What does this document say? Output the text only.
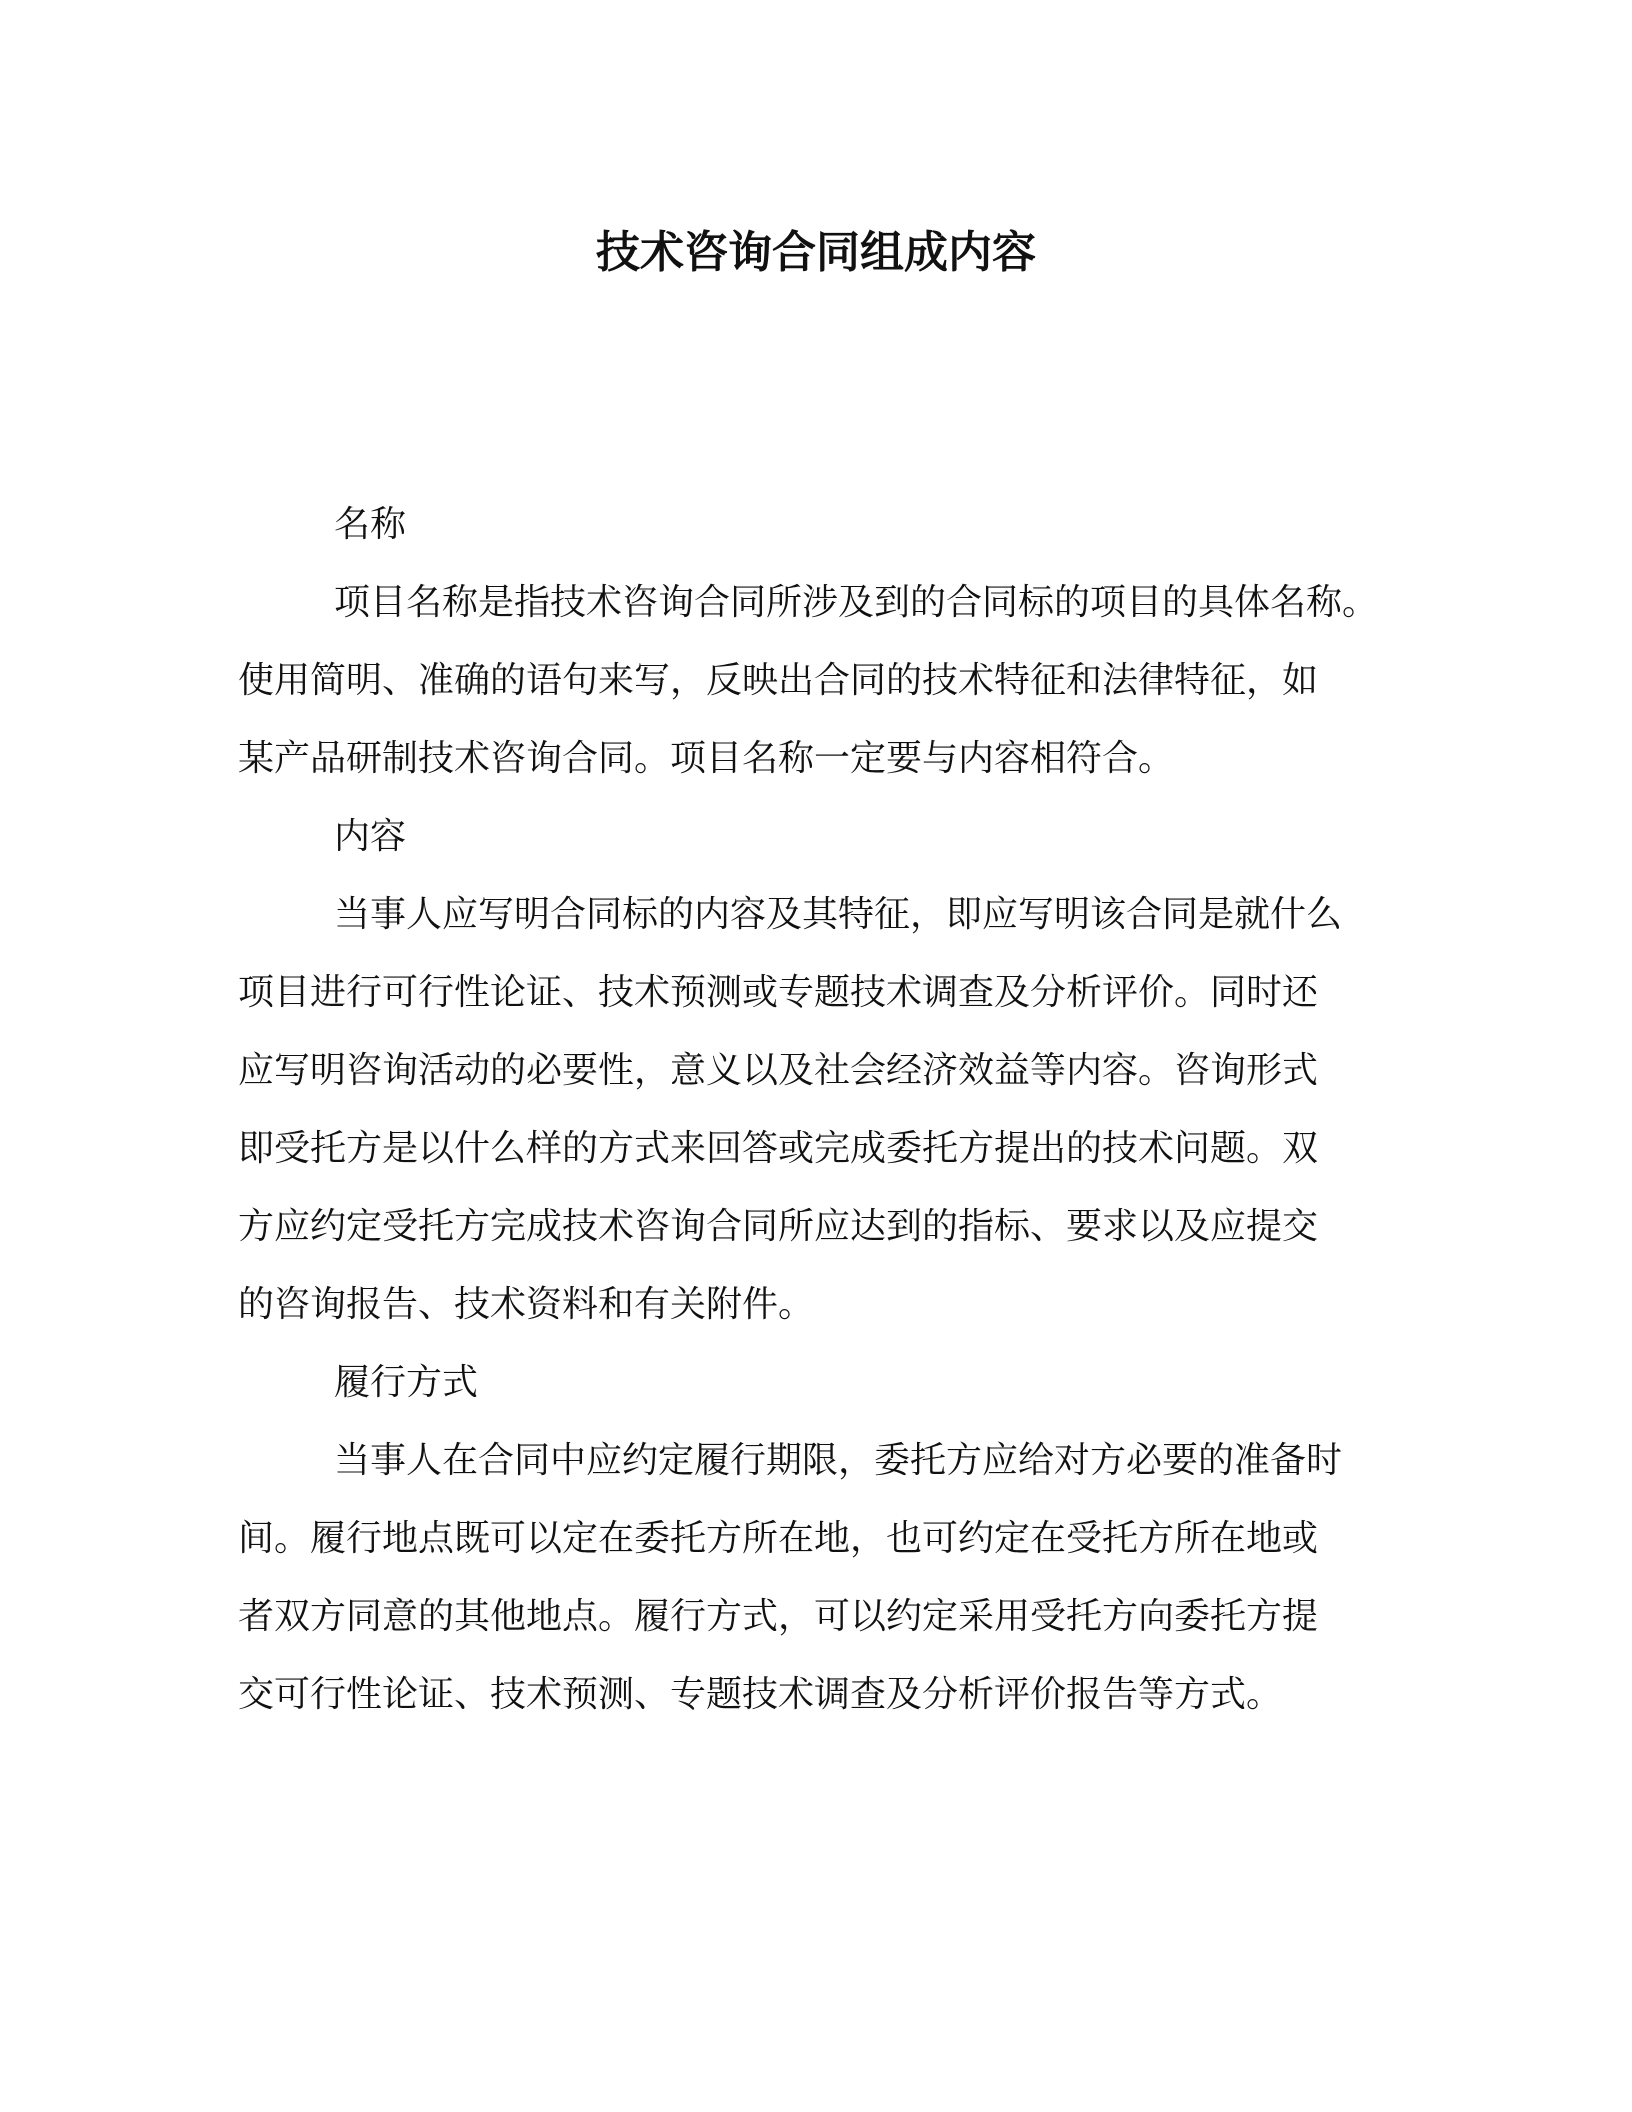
技术咨询合同组成内容
名称

项目名称是指技术咨询合同所涉及到的合同标的项目的具体名称。
使用简明、准确的语句来写，反映出合同的技术特征和法律特征，如
某产品研制技术咨询合同。项目名称一定要与内容相符合。

内容

当事人应写明合同标的内容及其特征，即应写明该合同是就什么
项目进行可行性论证、技术预测或专题技术调查及分析评价。同时还
应写明咨询活动的必要性，意义以及社会经济效益等内容。咨询形式
即受托方是以什么样的方式来回答或完成委托方提出的技术问题。双
方应约定受托方完成技术咨询合同所应达到的指标、要求以及应提交
的咨询报告、技术资料和有关附件。

履行方式

当事人在合同中应约定履行期限，委托方应给对方必要的准备时
间。履行地点既可以定在委托方所在地，也可约定在受托方所在地或
者双方同意的其他地点。履行方式，可以约定采用受托方向委托方提
交可行性论证、技术预测、专题技术调查及分析评价报告等方式。
